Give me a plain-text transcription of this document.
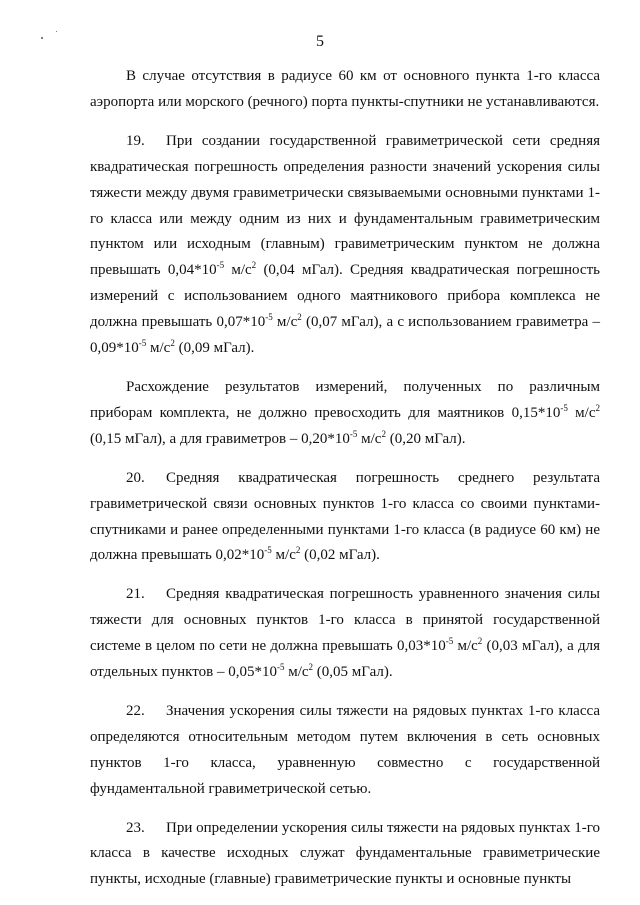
5

В случае отсутствия в радиусе 60 км от основного пункта 1-го класса аэропорта или морского (речного) порта пункты-спутники не устанавливаются.

19. При создании государственной гравиметрической сети средняя квадратическая погрешность определения разности значений ускорения силы тяжести между двумя гравиметрически связываемыми основными пунктами 1-го класса или между одним из них и фундаментальным гравиметрическим пунктом или исходным (главным) гравиметрическим пунктом не должна превышать $0,04*10^{-5}$ $м/с^2$ (0,04 мГал). Средняя квадратическая погрешность измерений с использованием одного маятникового прибора комплекса не должна превышать $0,07*10^{-5}$ $м/с^2$ (0,07 мГал), а с использованием гравиметра – $0,09*10^{-5}$ $м/с^2$ (0,09 мГал).

Расхождение результатов измерений, полученных по различным приборам комплекта, не должно превосходить для маятников $0,15*10^{-5}$ $м/с^2$ (0,15 мГал), а для гравиметров – $0,20*10^{-5}$ $м/с^2$ (0,20 мГал).

20. Средняя квадратическая погрешность среднего результата гравиметрической связи основных пунктов 1-го класса со своими пунктами-спутниками и ранее определенными пунктами 1-го класса (в радиусе 60 км) не должна превышать $0,02*10^{-5}$ $м/с^2$ (0,02 мГал).

21. Средняя квадратическая погрешность уравненного значения силы тяжести для основных пунктов 1-го класса в принятой государственной системе в целом по сети не должна превышать $0,03*10^{-5}$ $м/с^2$ (0,03 мГал), а для отдельных пунктов – $0,05*10^{-5}$ $м/с^2$ (0,05 мГал).

22. Значения ускорения силы тяжести на рядовых пунктах 1-го класса определяются относительным методом путем включения в сеть основных пунктов 1-го класса, уравненную совместно с государственной фундаментальной гравиметрической сетью.

23. При определении ускорения силы тяжести на рядовых пунктах 1-го класса в качестве исходных служат фундаментальные гравиметрические пункты, исходные (главные) гравиметрические пункты и основные пункты
